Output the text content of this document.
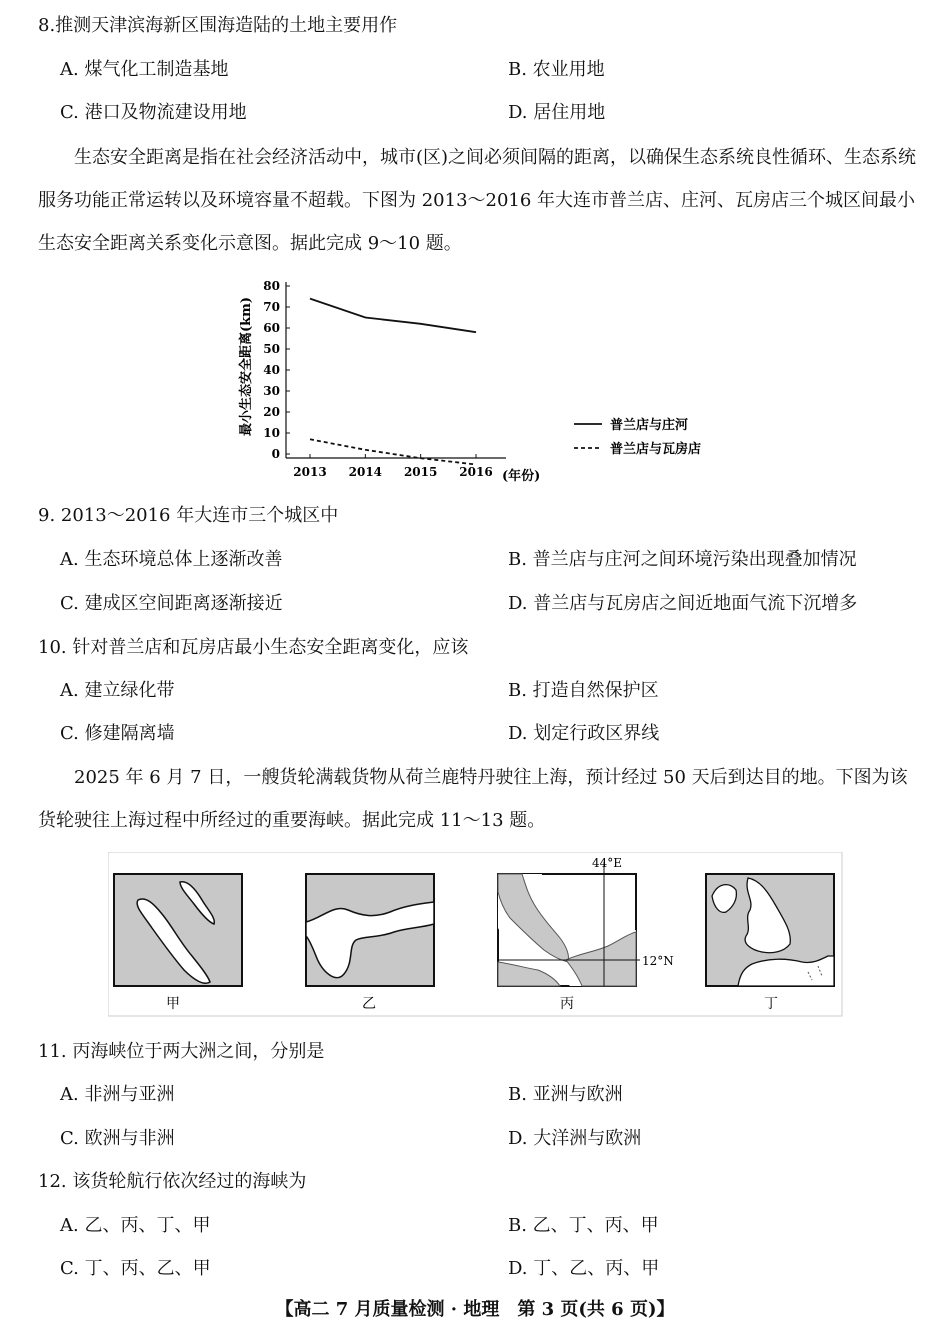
8.推测天津滨海新区围海造陆的土地主要用作
A. 煤气化工制造基地	B. 农业用地
C. 港口及物流建设用地	D. 居住用地
生态安全距离是指在社会经济活动中，城市(区)之间必须间隔的距离，以确保生态系统良性循环、生态系统服务功能正常运转以及环境容量不超载。下图为 2013～2016 年大连市普兰店、庄河、瓦房店三个城区间最小生态安全距离关系变化示意图。据此完成 9～10 题。
0
10
20
30
40
50
60
70
80
2013 2014 2015 2016
普兰店与庄河
普兰店与瓦房店
最小生态安全距离(km)
(年份)
9. 2013～2016 年大连市三个城区中
A. 生态环境总体上逐渐改善	B. 普兰店与庄河之间环境污染出现叠加情况
C. 建成区空间距离逐渐接近	D. 普兰店与瓦房店之间近地面气流下沉增多
10. 针对普兰店和瓦房店最小生态安全距离变化，应该
A. 建立绿化带	B. 打造自然保护区
C. 修建隔离墙	D. 划定行政区界线
2025 年 6 月 7 日，一艘货轮满载货物从荷兰鹿特丹驶往上海，预计经过 50 天后到达目的地。下图为该货轮驶往上海过程中所经过的重要海峡。据此完成 11～13 题。
甲	乙
44°E
12°N
丙	丁
11. 丙海峡位于两大洲之间，分别是
A. 非洲与亚洲	B. 亚洲与欧洲
C. 欧洲与非洲	D. 大洋洲与欧洲
12. 该货轮航行依次经过的海峡为
A. 乙、丙、丁、甲	B. 乙、丁、丙、甲
C. 丁、丙、乙、甲	D. 丁、乙、丙、甲
【高二 7 月质量检测 · 地理　第 3 页(共 6 页)】
